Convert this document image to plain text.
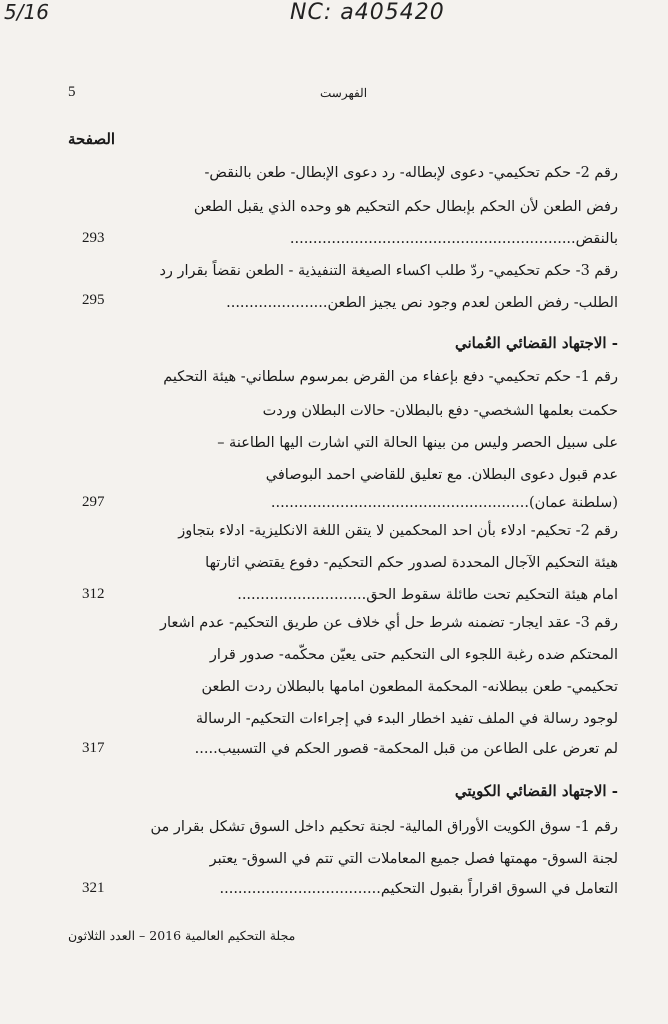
5/16	NC: a405420
5	الفهرست
الصفحة
رقم 2- حكم تحكيمي- دعوى لإبطاله- رد دعوى الإبطال- طعن بالنقض-
رفض الطعن لأن الحكم بإبطال حكم التحكيم هو وحده الذي يقبل الطعن
بالنقض..............................................................
293
رقم 3- حكم تحكيمي- ردّ طلب اكساء الصيغة التنفيذية - الطعن نقضاً بقرار رد
الطلب- رفض الطعن لعدم وجود نص يجيز الطعن......................
295
- الاجتهاد القضائي العُماني
رقم 1- حكم تحكيمي- دفع بإعفاء من القرض بمرسوم سلطاني- هيئة التحكيم
حكمت بعلمها الشخصي- دفع بالبطلان- حالات البطلان وردت
على سبيل الحصر وليس من بينها الحالة التي اشارت اليها الطاعنة –
عدم قبول دعوى البطلان. مع تعليق للقاضي احمد البوصافي
(سلطنة عمان)........................................................
297
رقم 2- تحكيم- ادلاء بأن احد المحكمين لا يتقن اللغة الانكليزية- ادلاء بتجاوز
هيئة التحكيم الآجال المحددة لصدور حكم التحكيم- دفوع يقتضي اثارتها
امام هيئة التحكيم تحت طائلة سقوط الحق............................
312
رقم 3- عقد ايجار- تضمنه شرط حل أي خلاف عن طريق التحكيم- عدم اشعار
المحتكم ضده رغبة اللجوء الى التحكيم حتى يعيّن محكّمه- صدور قرار
تحكيمي- طعن ببطلانه- المحكمة المطعون امامها بالبطلان ردت الطعن
لوجود رسالة في الملف تفيد اخطار البدء في إجراءات التحكيم- الرسالة
لم تعرض على الطاعن من قبل المحكمة- قصور الحكم في التسبيب.....
317
- الاجتهاد القضائي الكويتي
رقم 1- سوق الكويت الأوراق المالية- لجنة تحكيم داخل السوق تشكل بقرار من
لجنة السوق- مهمتها فصل جميع المعاملات التي تتم في السوق- يعتبر
التعامل في السوق اقراراً بقبول التحكيم...................................
321
مجلة التحكيم العالمية 2016 – العدد الثلاثون
